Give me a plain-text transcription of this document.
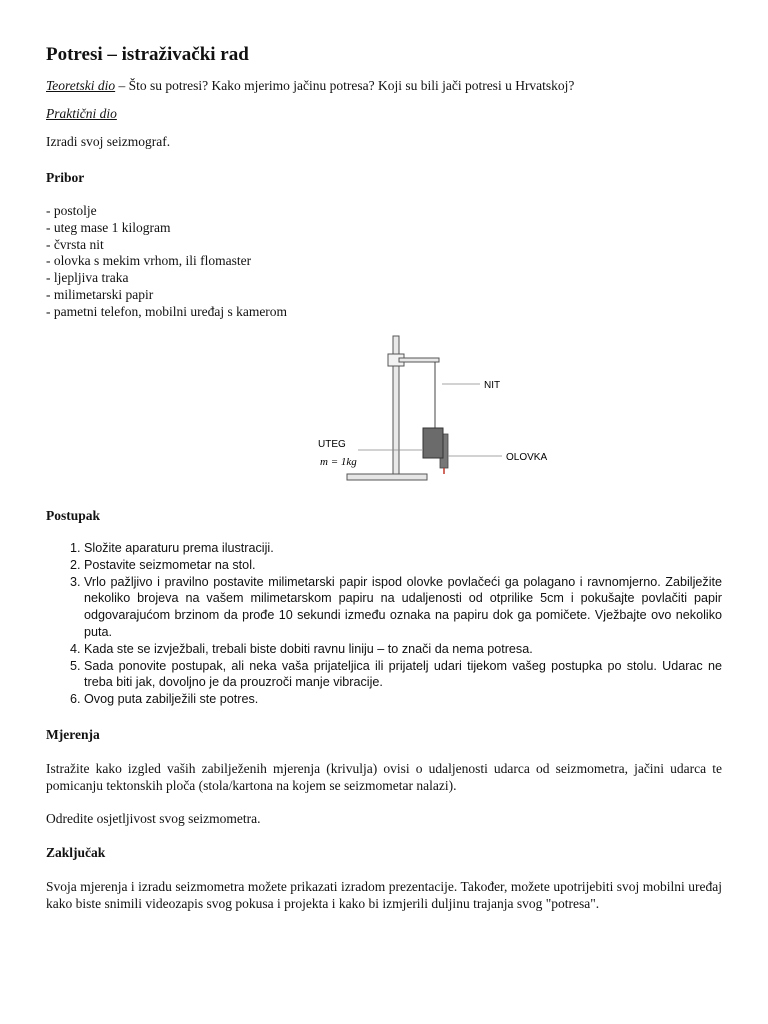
Potresi – istraživački rad
Teoretski dio – Što su potresi? Kako mjerimo jačinu potresa? Koji su bili jači potresi u Hrvatskoj?
Praktični dio
Izradi svoj seizmograf.
Pribor
- postolje
- uteg mase 1 kilogram
- čvrsta nit
- olovka s mekim vrhom, ili flomaster
- ljepljiva traka
- milimetarski papir
- pametni telefon, mobilni uređaj s kamerom
NIT
OLOVKA
UTEG
m = 1kg
Postupak
1. Složite aparaturu prema ilustraciji.
2. Postavite seizmometar na stol.
3. Vrlo pažljivo i pravilno postavite milimetarski papir ispod olovke povlačeći ga polagano i ravnomjerno. Zabilježite nekoliko brojeva na vašem milimetarskom papiru na udaljenosti od otprilike 5cm i pokušajte povlačiti papir odgovarajućom brzinom da prođe 10 sekundi između oznaka na papiru dok ga pomičete. Vježbajte ovo nekoliko puta.
4. Kada ste se izvježbali, trebali biste dobiti ravnu liniju – to znači da nema potresa.
5. Sada ponovite postupak, ali neka vaša prijateljica ili prijatelj udari tijekom vašeg postupka po stolu. Udarac ne treba biti jak, dovoljno je da prouzroči manje vibracije.
6. Ovog puta zabilježili ste potres.
Mjerenja
Istražite kako izgled vaših zabilježenih mjerenja (krivulja) ovisi o udaljenosti udarca od seizmometra, jačini udarca te pomicanju tektonskih ploča (stola/kartona na kojem se seizmometar nalazi).
Odredite osjetljivost svog seizmometra.
Zaključak
Svoja mjerenja i izradu seizmometra možete prikazati izradom prezentacije. Također, možete upotrijebiti svoj mobilni uređaj kako biste snimili videozapis svog pokusa i projekta i kako bi izmjerili duljinu trajanja svog "potresa".
